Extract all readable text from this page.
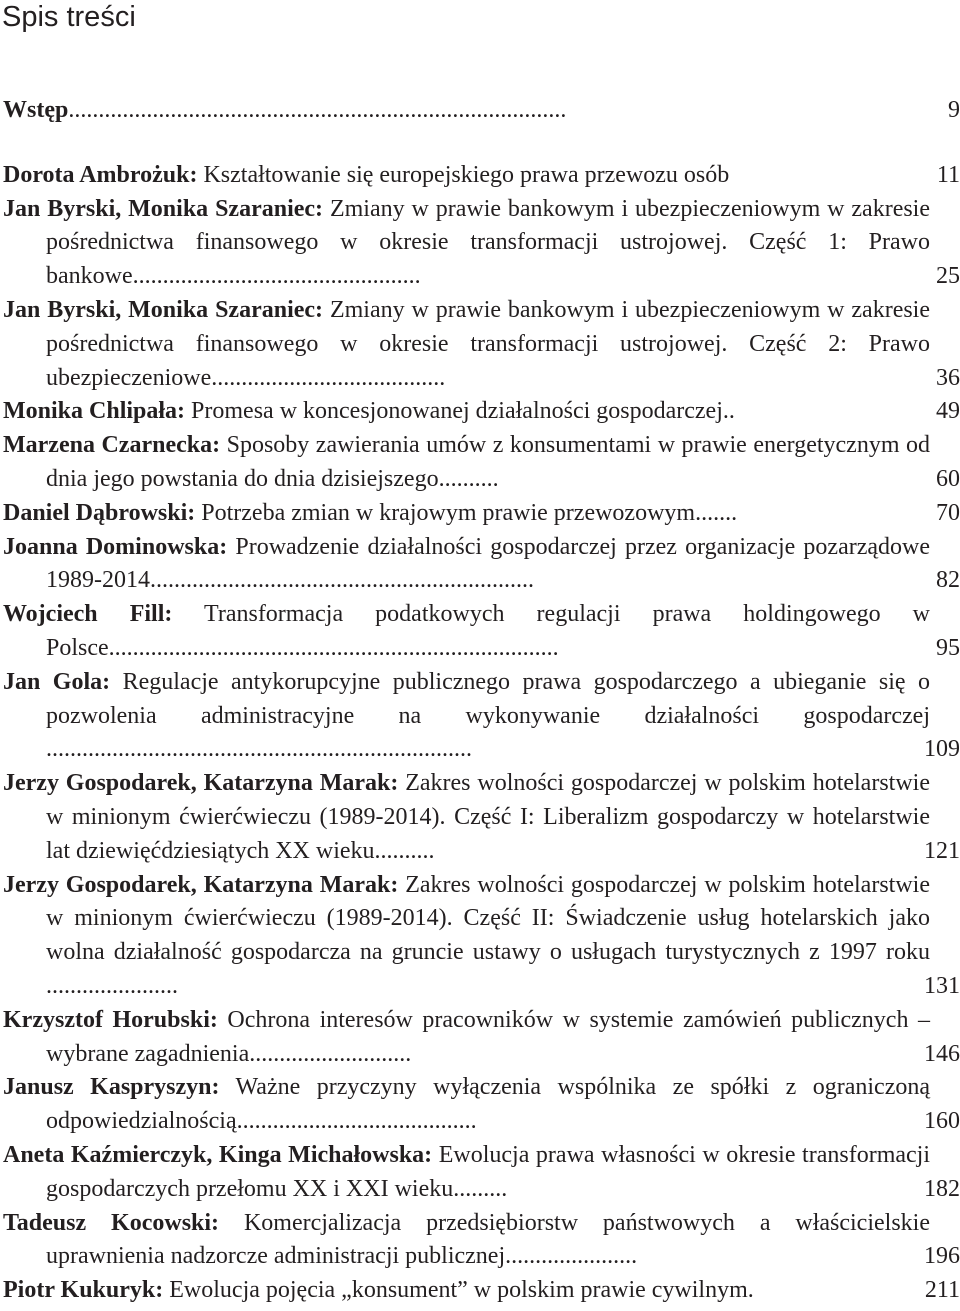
Spis treści
Wstęp...................................................................................	9
Dorota Ambrożuk: Kształtowanie się europejskiego prawa przewozu osób	11
Jan Byrski, Monika Szaraniec: Zmiany w prawie bankowym i ubezpieczeniowym w zakresie pośrednictwa finansowego w okresie transformacji ustrojowej. Część 1: Prawo bankowe................................................	25
Jan Byrski, Monika Szaraniec: Zmiany w prawie bankowym i ubezpieczeniowym w zakresie pośrednictwa finansowego w okresie transformacji ustrojowej. Część 2: Prawo ubezpieczeniowe.......................................	36
Monika Chlipała: Promesa w koncesjonowanej działalności gospodarczej..	49
Marzena Czarnecka: Sposoby zawierania umów z konsumentami w prawie energetycznym od dnia jego powstania do dnia dzisiejszego..........	60
Daniel Dąbrowski: Potrzeba zmian w krajowym prawie przewozowym.......	70
Joanna Dominowska: Prowadzenie działalności gospodarczej przez organizacje pozarządowe 1989-2014................................................................	82
Wojciech Fill: Transformacja podatkowych regulacji prawa holdingowego w Polsce...........................................................................	95
Jan Gola: Regulacje antykorupcyjne publicznego prawa gospodarczego a ubieganie się o pozwolenia administracyjne na wykonywanie działalności gospodarczej .......................................................................	109
Jerzy Gospodarek, Katarzyna Marak: Zakres wolności gospodarczej w polskim hotelarstwie w minionym ćwierćwieczu (1989-2014). Część I: Liberalizm gospodarczy w hotelarstwie lat dziewięćdziesiątych XX wieku..........	121
Jerzy Gospodarek, Katarzyna Marak: Zakres wolności gospodarczej w polskim hotelarstwie w minionym ćwierćwieczu (1989-2014). Część II: Świadczenie usług hotelarskich jako wolna działalność gospodarcza na gruncie ustawy o usługach turystycznych z 1997 roku ......................	131
Krzysztof Horubski: Ochrona interesów pracowników w systemie zamówień publicznych – wybrane zagadnienia...........................	146
Janusz Kaspryszyn: Ważne przyczyny wyłączenia wspólnika ze spółki z ograniczoną odpowiedzialnością........................................	160
Aneta Kaźmierczyk, Kinga Michałowska: Ewolucja prawa własności w okresie transformacji gospodarczych przełomu XX i XXI wieku.........	182
Tadeusz Kocowski: Komercjalizacja przedsiębiorstw państwowych a właścicielskie uprawnienia nadzorcze administracji publicznej......................	196
Piotr Kukuryk: Ewolucja pojęcia „konsument” w polskim prawie cywilnym.	211
